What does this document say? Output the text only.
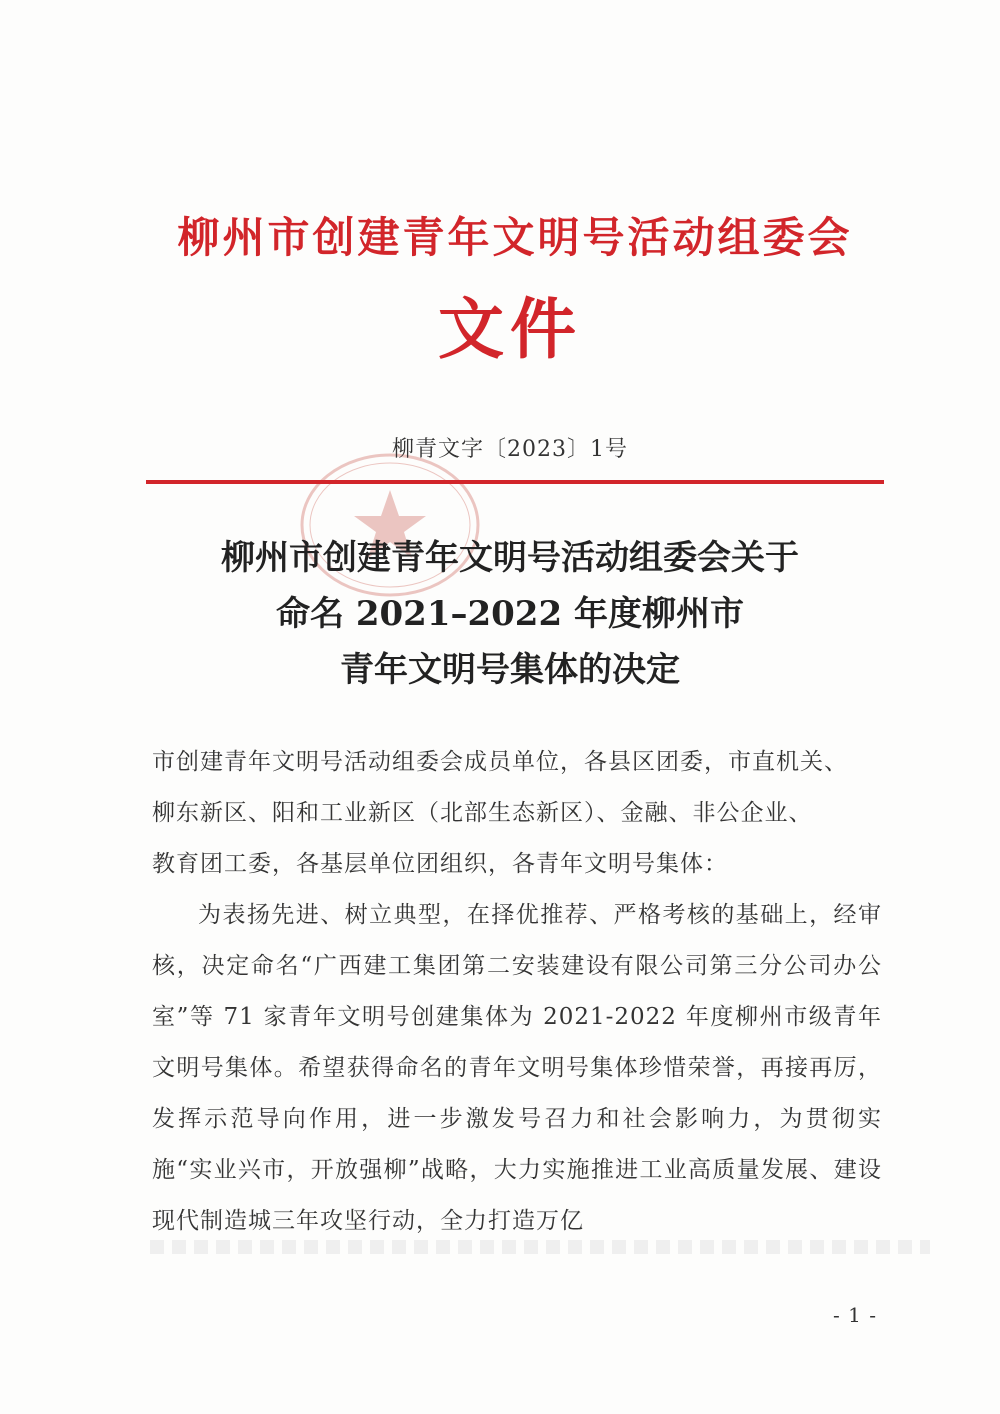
柳州市创建青年文明号活动组委会
文件
柳青文字〔2023〕1号
柳州市创建青年文明号活动组委会关于
命名 2021–2022 年度柳州市
青年文明号集体的决定

市创建青年文明号活动组委会成员单位，各县区团委，市直机关、

柳东新区、阳和工业新区（北部生态新区）、金融、非公企业、

教育团工委，各基层单位团组织，各青年文明号集体：

为表扬先进、树立典型，在择优推荐、严格考核的基础上，经审核，决定命名“广西建工集团第二安装建设有限公司第三分公司办公室”等 71 家青年文明号创建集体为 2021-2022 年度柳州市级青年文明号集体。希望获得命名的青年文明号集体珍惜荣誉，再接再厉，发挥示范导向作用，进一步激发号召力和社会影响力，为贯彻实施“实业兴市，开放强柳”战略，大力实施推进工业高质量发展、建设现代制造城三年攻坚行动，全力打造万亿

- 1 -
